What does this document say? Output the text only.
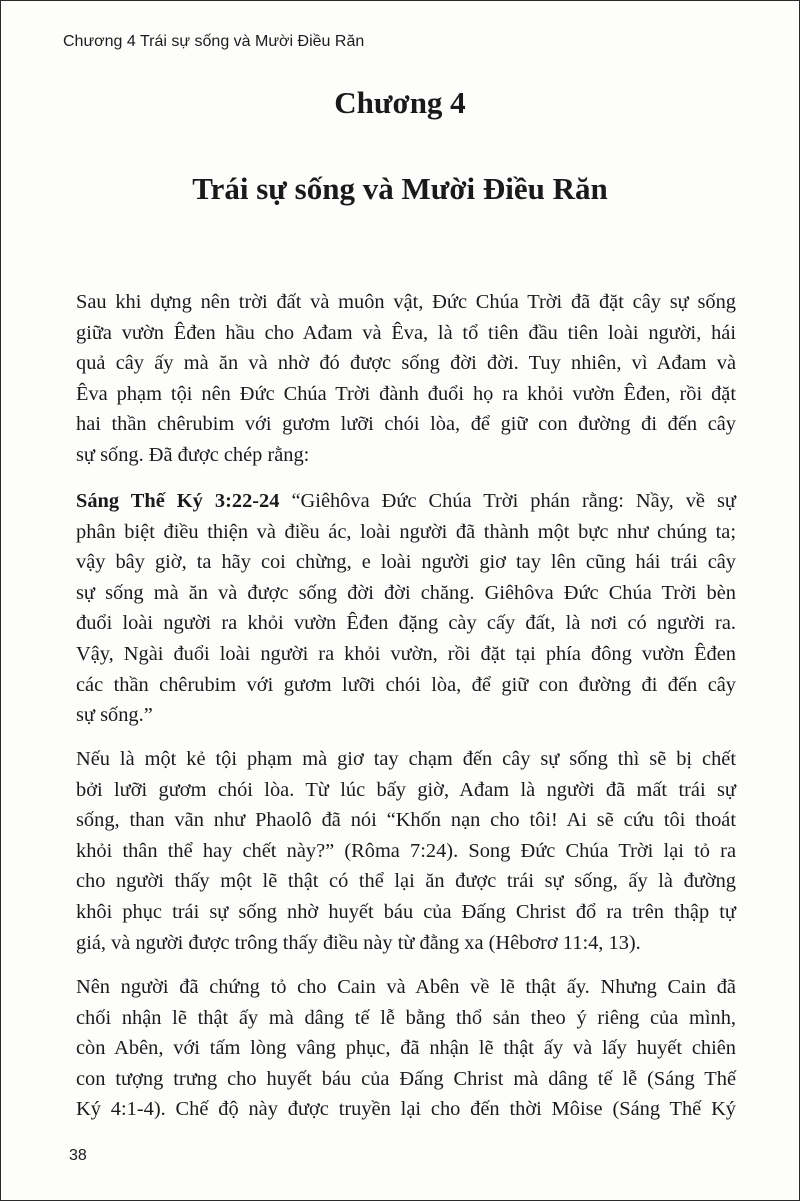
Chương 4 Trái sự sống và Mười Điều Răn
Chương 4
Trái sự sống và Mười Điều Răn
Sau khi dựng nên trời đất và muôn vật, Đức Chúa Trời đã đặt cây sự sống
giữa vườn Êđen hầu cho Ađam và Êva, là tổ tiên đầu tiên loài người, hái
quả cây ấy mà ăn và nhờ đó được sống đời đời. Tuy nhiên, vì Ađam và
Êva phạm tội nên Đức Chúa Trời đành đuổi họ ra khỏi vườn Êđen, rồi đặt
hai thần chêrubim với gươm lưỡi chói lòa, để giữ con đường đi đến cây
sự sống. Đã được chép rằng:
Sáng Thế Ký 3:22-24 “Giêhôva Đức Chúa Trời phán rằng: Nầy, về sự
phân biệt điều thiện và điều ác, loài người đã thành một bực như chúng ta;
vậy bây giờ, ta hãy coi chừng, e loài người giơ tay lên cũng hái trái cây
sự sống mà ăn và được sống đời đời chăng. Giêhôva Đức Chúa Trời bèn
đuổi loài người ra khỏi vườn Êđen đặng cày cấy đất, là nơi có người ra.
Vậy, Ngài đuổi loài người ra khỏi vườn, rồi đặt tại phía đông vườn Êđen
các thần chêrubim với gươm lưỡi chói lòa, để giữ con đường đi đến cây
sự sống.”
Nếu là một kẻ tội phạm mà giơ tay chạm đến cây sự sống thì sẽ bị chết
bởi lưỡi gươm chói lòa. Từ lúc bấy giờ, Ađam là người đã mất trái sự
sống, than vãn như Phaolô đã nói “Khốn nạn cho tôi! Ai sẽ cứu tôi thoát
khỏi thân thể hay chết này?” (Rôma 7:24). Song Đức Chúa Trời lại tỏ ra
cho người thấy một lẽ thật có thể lại ăn được trái sự sống, ấy là đường
khôi phục trái sự sống nhờ huyết báu của Đấng Christ đổ ra trên thập tự
giá, và người được trông thấy điều này từ đằng xa (Hêbơrơ 11:4, 13).
Nên người đã chứng tỏ cho Cain và Abên về lẽ thật ấy. Nhưng Cain đã
chối nhận lẽ thật ấy mà dâng tế lễ bằng thổ sản theo ý riêng của mình,
còn Abên, với tấm lòng vâng phục, đã nhận lẽ thật ấy và lấy huyết chiên
con tượng trưng cho huyết báu của Đấng Christ mà dâng tế lễ (Sáng Thế
Ký 4:1-4). Chế độ này được truyền lại cho đến thời Môise (Sáng Thế Ký
38
